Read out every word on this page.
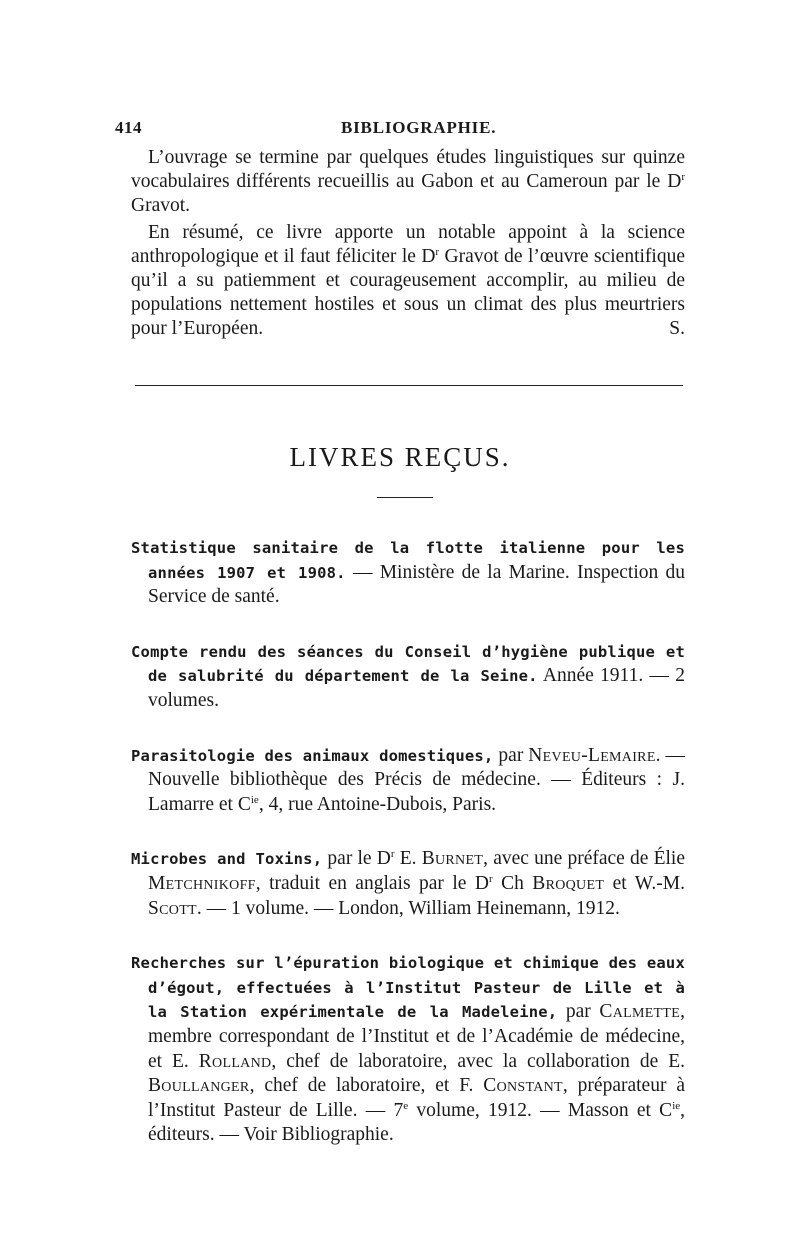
414	BIBLIOGRAPHIE.

L’ouvrage se termine par quelques études linguistiques sur quinze vocabulaires différents recueillis au Gabon et au Cameroun par le $D^r$ Gravot.

En résumé, ce livre apporte un notable appoint à la science anthropologique et il faut féliciter le $D^r$ Gravot de l’œuvre scientifique qu’il a su patiemment et courageusement accomplir, au milieu de populations nettement hostiles et sous un climat des plus meurtriers pour l’Européen.	S.

LIVRES REÇUS.

Statistique sanitaire de la flotte italienne pour les années 1907 et 1908. — Ministère de la Marine. Inspection du Service de santé.

Compte rendu des séances du Conseil d’hygiène publique et de salubrité du département de la Seine. Année 1911. — 2 volumes.

Parasitologie des animaux domestiques, par Neveu-Lemaire. — Nouvelle bibliothèque des Précis de médecine. — Éditeurs : J. Lamarre et $C^{ie}$, 4, rue Antoine-Dubois, Paris.

Microbes and Toxins, par le $D^r$ E. Burnet, avec une préface de Élie Metchnikoff, traduit en anglais par le $D^r$ Ch Broquet et W.-M. Scott. — 1 volume. — London, William Heinemann, 1912.

Recherches sur l’épuration biologique et chimique des eaux d’égout, effectuées à l’Institut Pasteur de Lille et à la Station expérimentale de la Madeleine, par Calmette, membre correspondant de l’Institut et de l’Académie de médecine, et E. Rolland, chef de laboratoire, avec la collaboration de E. Boullanger, chef de laboratoire, et F. Constant, préparateur à l’Institut Pasteur de Lille. — 7e volume, 1912. — Masson et $C^{ie}$, éditeurs. — Voir Bibliographie.
